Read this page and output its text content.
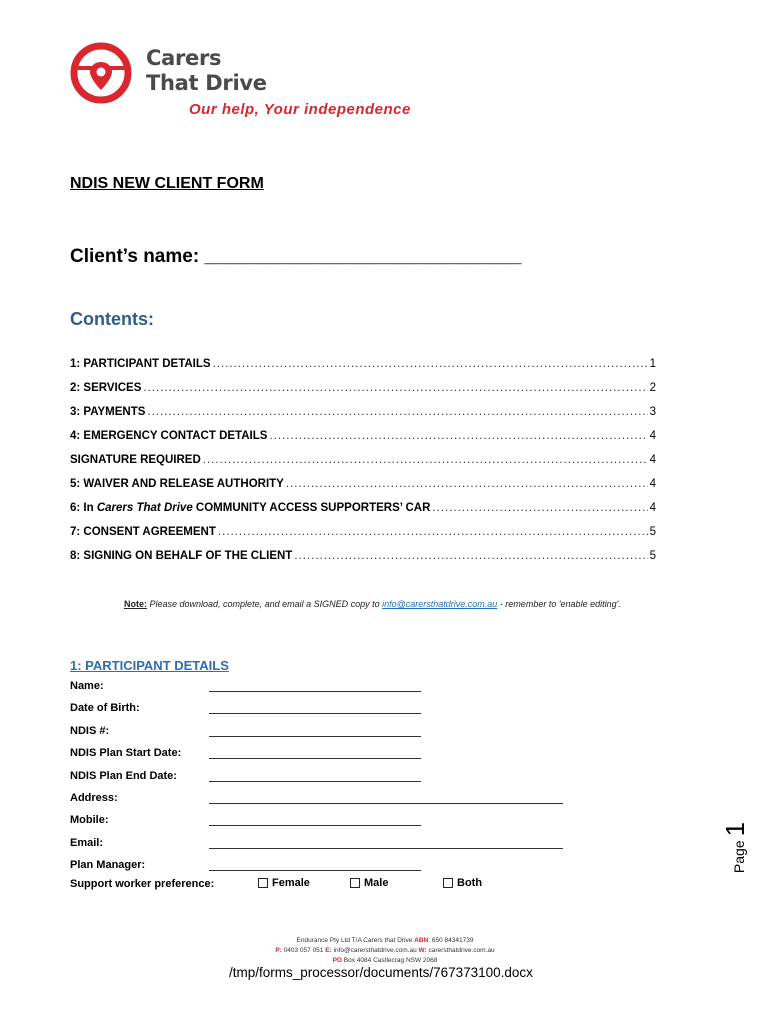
Carers
That Drive
Our help, Your independence
NDIS NEW CLIENT FORM
Client’s name: ______________________________
Contents:
1: PARTICIPANT DETAILS .....	1
2: SERVICES .....	2
3: PAYMENTS .....	3
4: EMERGENCY CONTACT DETAILS .....	4
SIGNATURE REQUIRED .....	4
5: WAIVER AND RELEASE AUTHORITY .....	4
6: In Carers That Drive COMMUNITY ACCESS SUPPORTERS’ CAR .....	4
7: CONSENT AGREEMENT .....	5
8: SIGNING ON BEHALF OF THE CLIENT .....	5
Note: Please download, complete, and email a SIGNED copy to info@carersthatdrive.com.au - remember to 'enable editing'.
1: PARTICIPANT DETAILS
Name:
Date of Birth:
NDIS #:
NDIS Plan Start Date:
NDIS Plan End Date:
Address:
Mobile:
Email:
Plan Manager:
Support worker preference:	Female	Male	Both
Page
1
Endurance Pty Ltd T/A Carers that Drive ABN: 650 84341739
P: 0403 057 051 E: info@carersthatdrive.com.au W: carersthatdrive.com.au
PO Box 4084 Castlecrag NSW 2068
/tmp/forms_processor/documents/767373100.docx
